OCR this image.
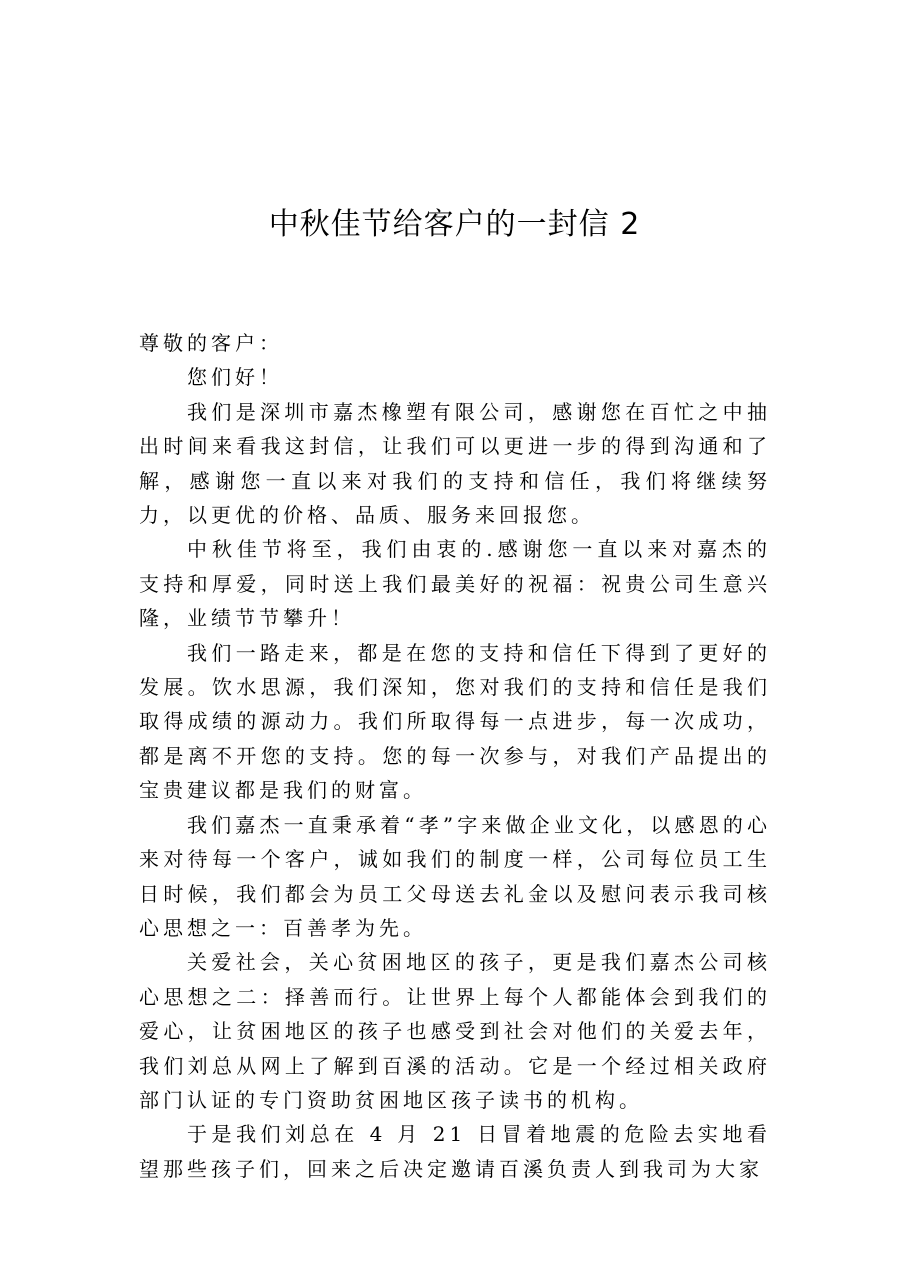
中秋佳节给客户的一封信 2

尊敬的客户：

您们好！

我们是深圳市嘉杰橡塑有限公司，感谢您在百忙之中抽出时间来看我这封信，让我们可以更进一步的得到沟通和了解，感谢您一直以来对我们的支持和信任，我们将继续努力，以更优的价格、品质、服务来回报您。

中秋佳节将至，我们由衷的.感谢您一直以来对嘉杰的支持和厚爱，同时送上我们最美好的祝福：祝贵公司生意兴隆，业绩节节攀升！

我们一路走来，都是在您的支持和信任下得到了更好的发展。饮水思源，我们深知，您对我们的支持和信任是我们取得成绩的源动力。我们所取得每一点进步，每一次成功，都是离不开您的支持。您的每一次参与，对我们产品提出的宝贵建议都是我们的财富。

我们嘉杰一直秉承着“孝”字来做企业文化，以感恩的心来对待每一个客户，诚如我们的制度一样，公司每位员工生日时候，我们都会为员工父母送去礼金以及慰问表示我司核心思想之一：百善孝为先。

关爱社会，关心贫困地区的孩子，更是我们嘉杰公司核心思想之二：择善而行。让世界上每个人都能体会到我们的爱心，让贫困地区的孩子也感受到社会对他们的关爱去年，我们刘总从网上了解到百溪的活动。它是一个经过相关政府部门认证的专门资助贫困地区孩子读书的机构。

于是我们刘总在 4 月 21 日冒着地震的危险去实地看望那些孩子们，回来之后决定邀请百溪负责人到我司为大家
